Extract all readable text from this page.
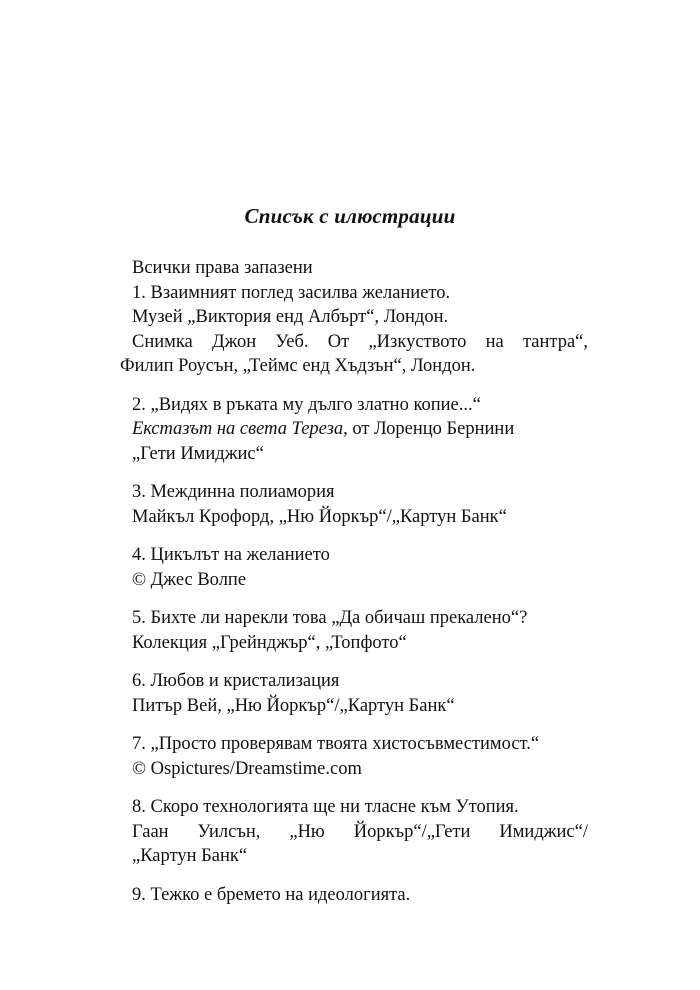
Списък с илюстрации
Всички права запазени
1. Взаимният поглед засилва желанието.
Музей „Виктория енд Албърт“, Лондон.
Снимка Джон Уеб. От „Изкуството на тантра“,
Филип Роусън, „Теймс енд Хъдзън“, Лондон.
2. „Видях в ръката му дълго златно копие...“
Екстазът на света Тереза, от Лоренцо Бернини
„Гети Имиджис“
3. Междинна полиамория
Майкъл Крофорд, „Ню Йоркър“/„Картун Банк“
4. Цикълът на желанието
© Джес Волпе
5. Бихте ли нарекли това „Да обичаш прекалено“?
Колекция „Грейнджър“, „Топфото“
6. Любов и кристализация
Питър Вей, „Ню Йоркър“/„Картун Банк“
7. „Просто проверявам твоята хистосъвместимост.“
© Ospictures/Dreamstime.com
8. Скоро технологията ще ни тласне към Утопия.
Гаан Уилсън, „Ню Йоркър“/„Гети Имиджис“/
„Картун Банк“
9. Тежко е бремето на идеологията.
